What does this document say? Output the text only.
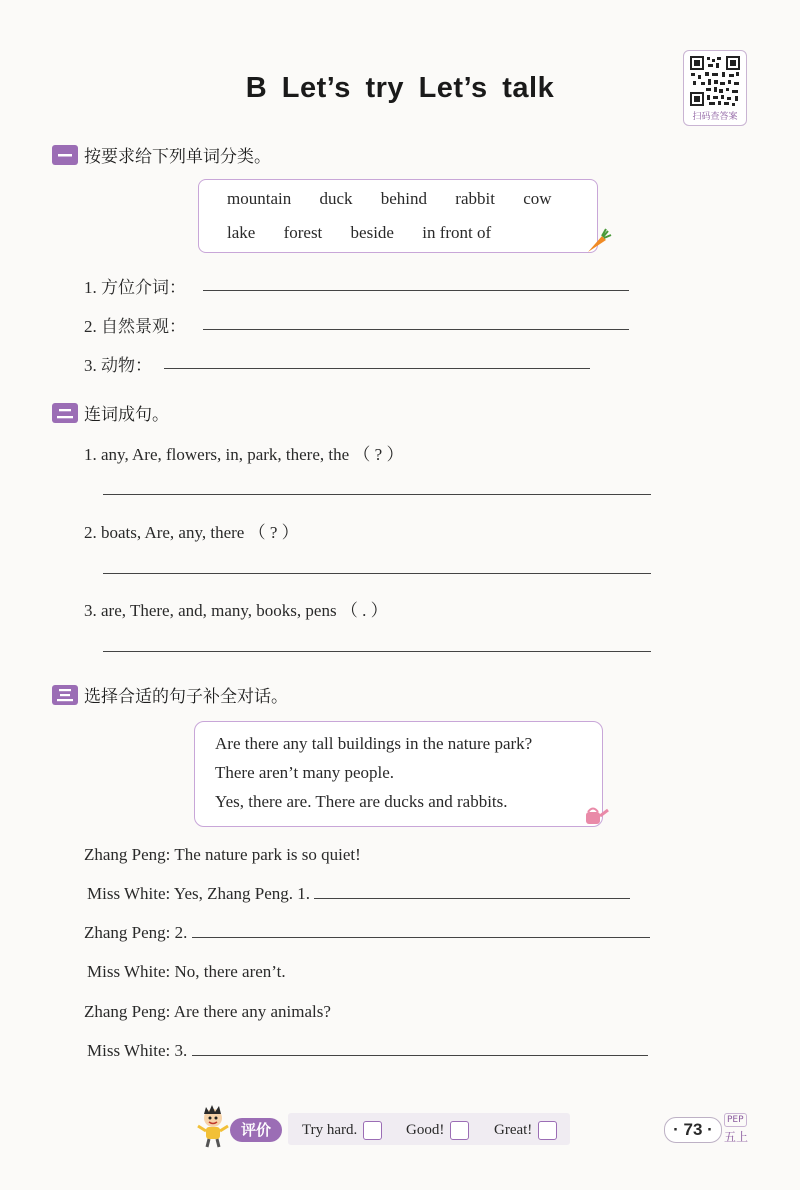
B Let’s try Let’s talk
扫码查答案
按要求给下列单词分类。
mountain duck behind rabbit cow
lake forest beside in front of
1. 方位介词：
2. 自然景观：
3. 动物：
连词成句。
1. any, Are, flowers, in, park, there, the （ ? ）
2. boats, Are, any, there （ ? ）
3. are, There, and, many, books, pens （ . ）
选择合适的句子补全对话。
Are there any tall buildings in the nature park?
There aren’t many people.
Yes, there are. There are ducks and rabbits.
Zhang Peng: The nature park is so quiet!
Miss White: Yes, Zhang Peng. 1.
Zhang Peng: 2.
Miss White: No, there aren’t.
Zhang Peng: Are there any animals?
Miss White: 3.
评价	Try hard.	Good!	Great!	· 73 ·	PEP
五上
